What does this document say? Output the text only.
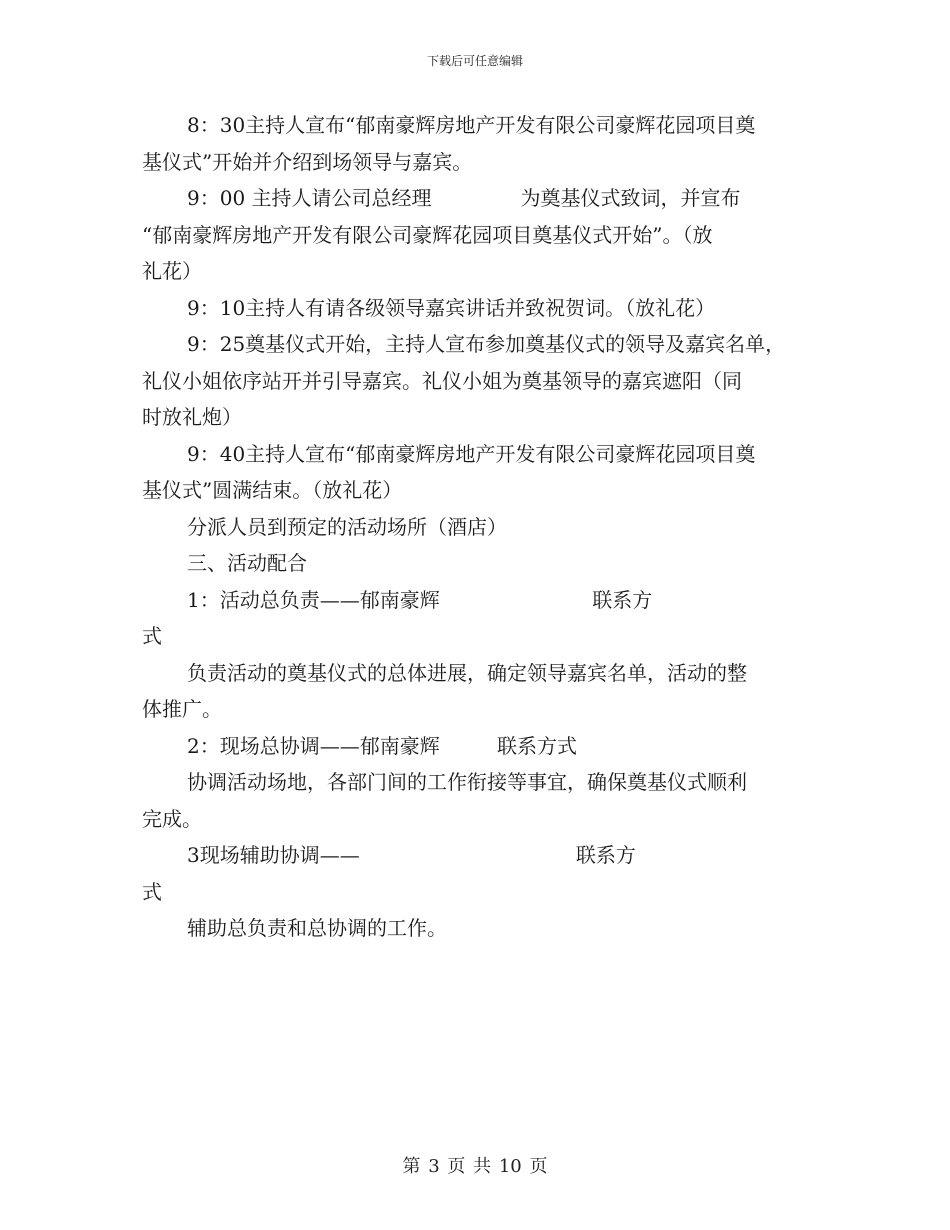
下载后可任意编辑
8：30主持人宣布“郁南豪辉房地产开发有限公司豪辉花园项目奠
基仪式”开始并介绍到场领导与嘉宾。
9：00 主持人请公司总经理              为奠基仪式致词，并宣布
“郁南豪辉房地产开发有限公司豪辉花园项目奠基仪式开始”。（放
礼花）
9：10主持人有请各级领导嘉宾讲话并致祝贺词。（放礼花）
9：25奠基仪式开始，主持人宣布参加奠基仪式的领导及嘉宾名单，
礼仪小姐依序站开并引导嘉宾。礼仪小姐为奠基领导的嘉宾遮阳（同
时放礼炮）
9：40主持人宣布“郁南豪辉房地产开发有限公司豪辉花园项目奠
基仪式”圆满结束。（放礼花）
分派人员到预定的活动场所（酒店）
三、活动配合
1：活动总负责——郁南豪辉                        联系方
式
负责活动的奠基仪式的总体进展，确定领导嘉宾名单，活动的整
体推广。
2：现场总协调——郁南豪辉         联系方式
协调活动场地，各部门间的工作衔接等事宜，确保奠基仪式顺利
完成。
3现场辅助协调——                                  联系方
式
辅助总负责和总协调的工作。
第 3 页 共 10 页
